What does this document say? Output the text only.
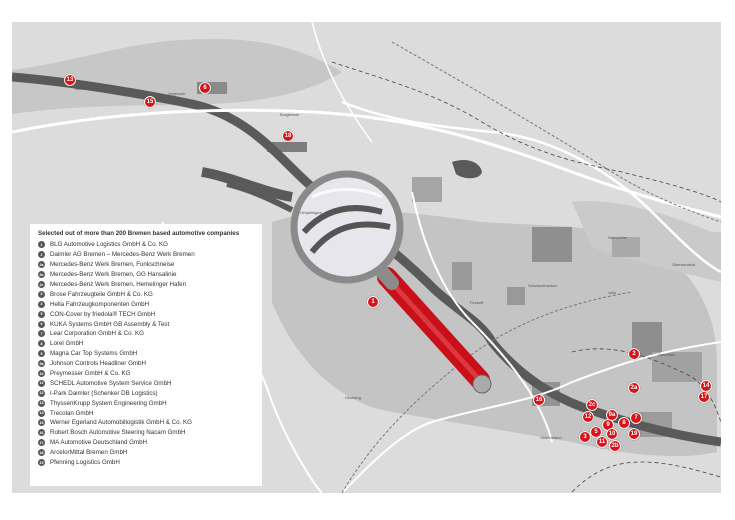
Blumenthal
Vegesack
Burglesum
Gröpelingen
Horn-Lehe
Oberneuland
Schwachhausen
Vahr
Findorff
Osterholz
Huchting
Obervieland
13
15
6
18
1
2
2a	14
17
16
2c
12	9a	7
8
9
5	10	19
3
11
2b
Selected out of more than 200 Bremen based automotive companies
1	BLG Automotive Logistics GmbH & Co. KG
2	Daimler AG Bremen – Mercedes-Benz Werk Bremen
2a Mercedes-Benz Werk Bremen, Funkschneise
2b Mercedes-Benz Werk Bremen, GG Hansalinie
2c Mercedes-Benz Werk Bremen, Hemelinger Hafen
3	Brose Fahrzeugteile GmbH & Co. KG
4	Hella Fahrzeugkomponenten GmbH
5	CON-Cover by friedola® TECH GmbH
6	KUKA Systems GmbH GB Assembly & Test
7	Lear Corporation GmbH & Co. KG
8	Lorel GmbH
9	Magna Car Top Systems GmbH
9a Johnson Controls Headliner GmbH
10 Preymesser GmbH & Co. KG
11 SCHEDL Automotive System Service GmbH
12 I-Park Daimler (Schenker DB Logistics)
13 ThyssenKrupp System Engineering GmbH
14 Trecolan GmbH
15 Werner Egerland Automobillogistik GmbH & Co. KG
16 Robert Bosch Automotive Steering Nacam GmbH
17 MA Automotive Deutschland GmbH
18 ArcelorMittal Bremen GmbH
19 Pfenning Logistics GmbH
